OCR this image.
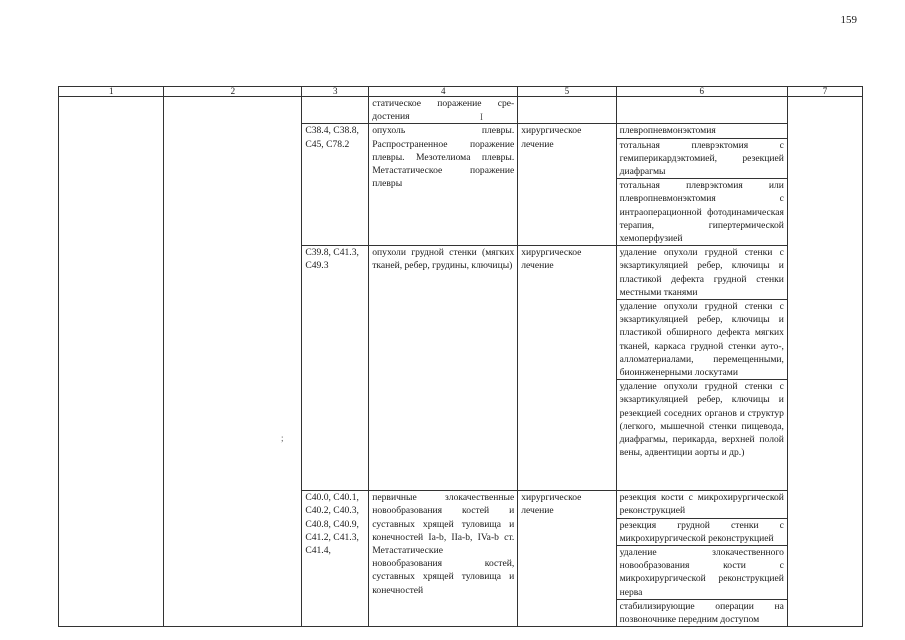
159
1	2	3	4	5	6	7
			статическое поражение сре- достения			
		C38.4, C38.8, C45, C78.2	опухоль плевры. Распространенное поражение плевры. Мезотелиома плевры. Метастатическое поражение плевры	хирургическое лечение	плевропневмонэктомия
тотальная плеврэктомия с гемиперикардэктомией, резекцией диафрагмы
тотальная плеврэктомия или плевропневмонэктомия с интраоперационной фотодинамическая терапия, гипертермической хемоперфузией	

		C39.8, C41.3, C49.3	опухоли грудной стенки (мягких тканей, ребер, грудины, ключицы)	хирургическое лечение	удаление опухоли грудной стенки с экзартикуляцией ребер, ключицы и пластикой дефекта грудной стенки местными тканями
удаление опухоли грудной стенки с экзартикуляцией ребер, ключицы и пластикой обширного дефекта мягких тканей, каркаса грудной стенки ауто-, алломатериалами, перемещенными, биоинженерными лоскутами
удаление опухоли грудной стенки с экзартикуляцией ребер, ключицы и резекцией соседних органов и структур (легкого, мышечной стенки пищевода, диафрагмы, перикарда, верхней полой вены, адвентиции аорты и др.)	

		C40.0, C40.1, C40.2, C40.3, C40.8, C40.9, C41.2, C41.3, C41.4,	первичные злокачественные новообразования костей и суставных хрящей туловища и конечностей Ia-b, IIa-b, IVa-b ст. Метастатические новообразования костей, суставных хрящей туловища и конечностей	хирургическое лечение	резекция кости с микрохирургической реконструкцией
резекция грудной стенки с микрохирургической реконструкцией
удаление злокачественного новообразования кости с микрохирургической реконструкцией нерва
стабилизирующие операции на позвоночнике передним доступом	
I
;
